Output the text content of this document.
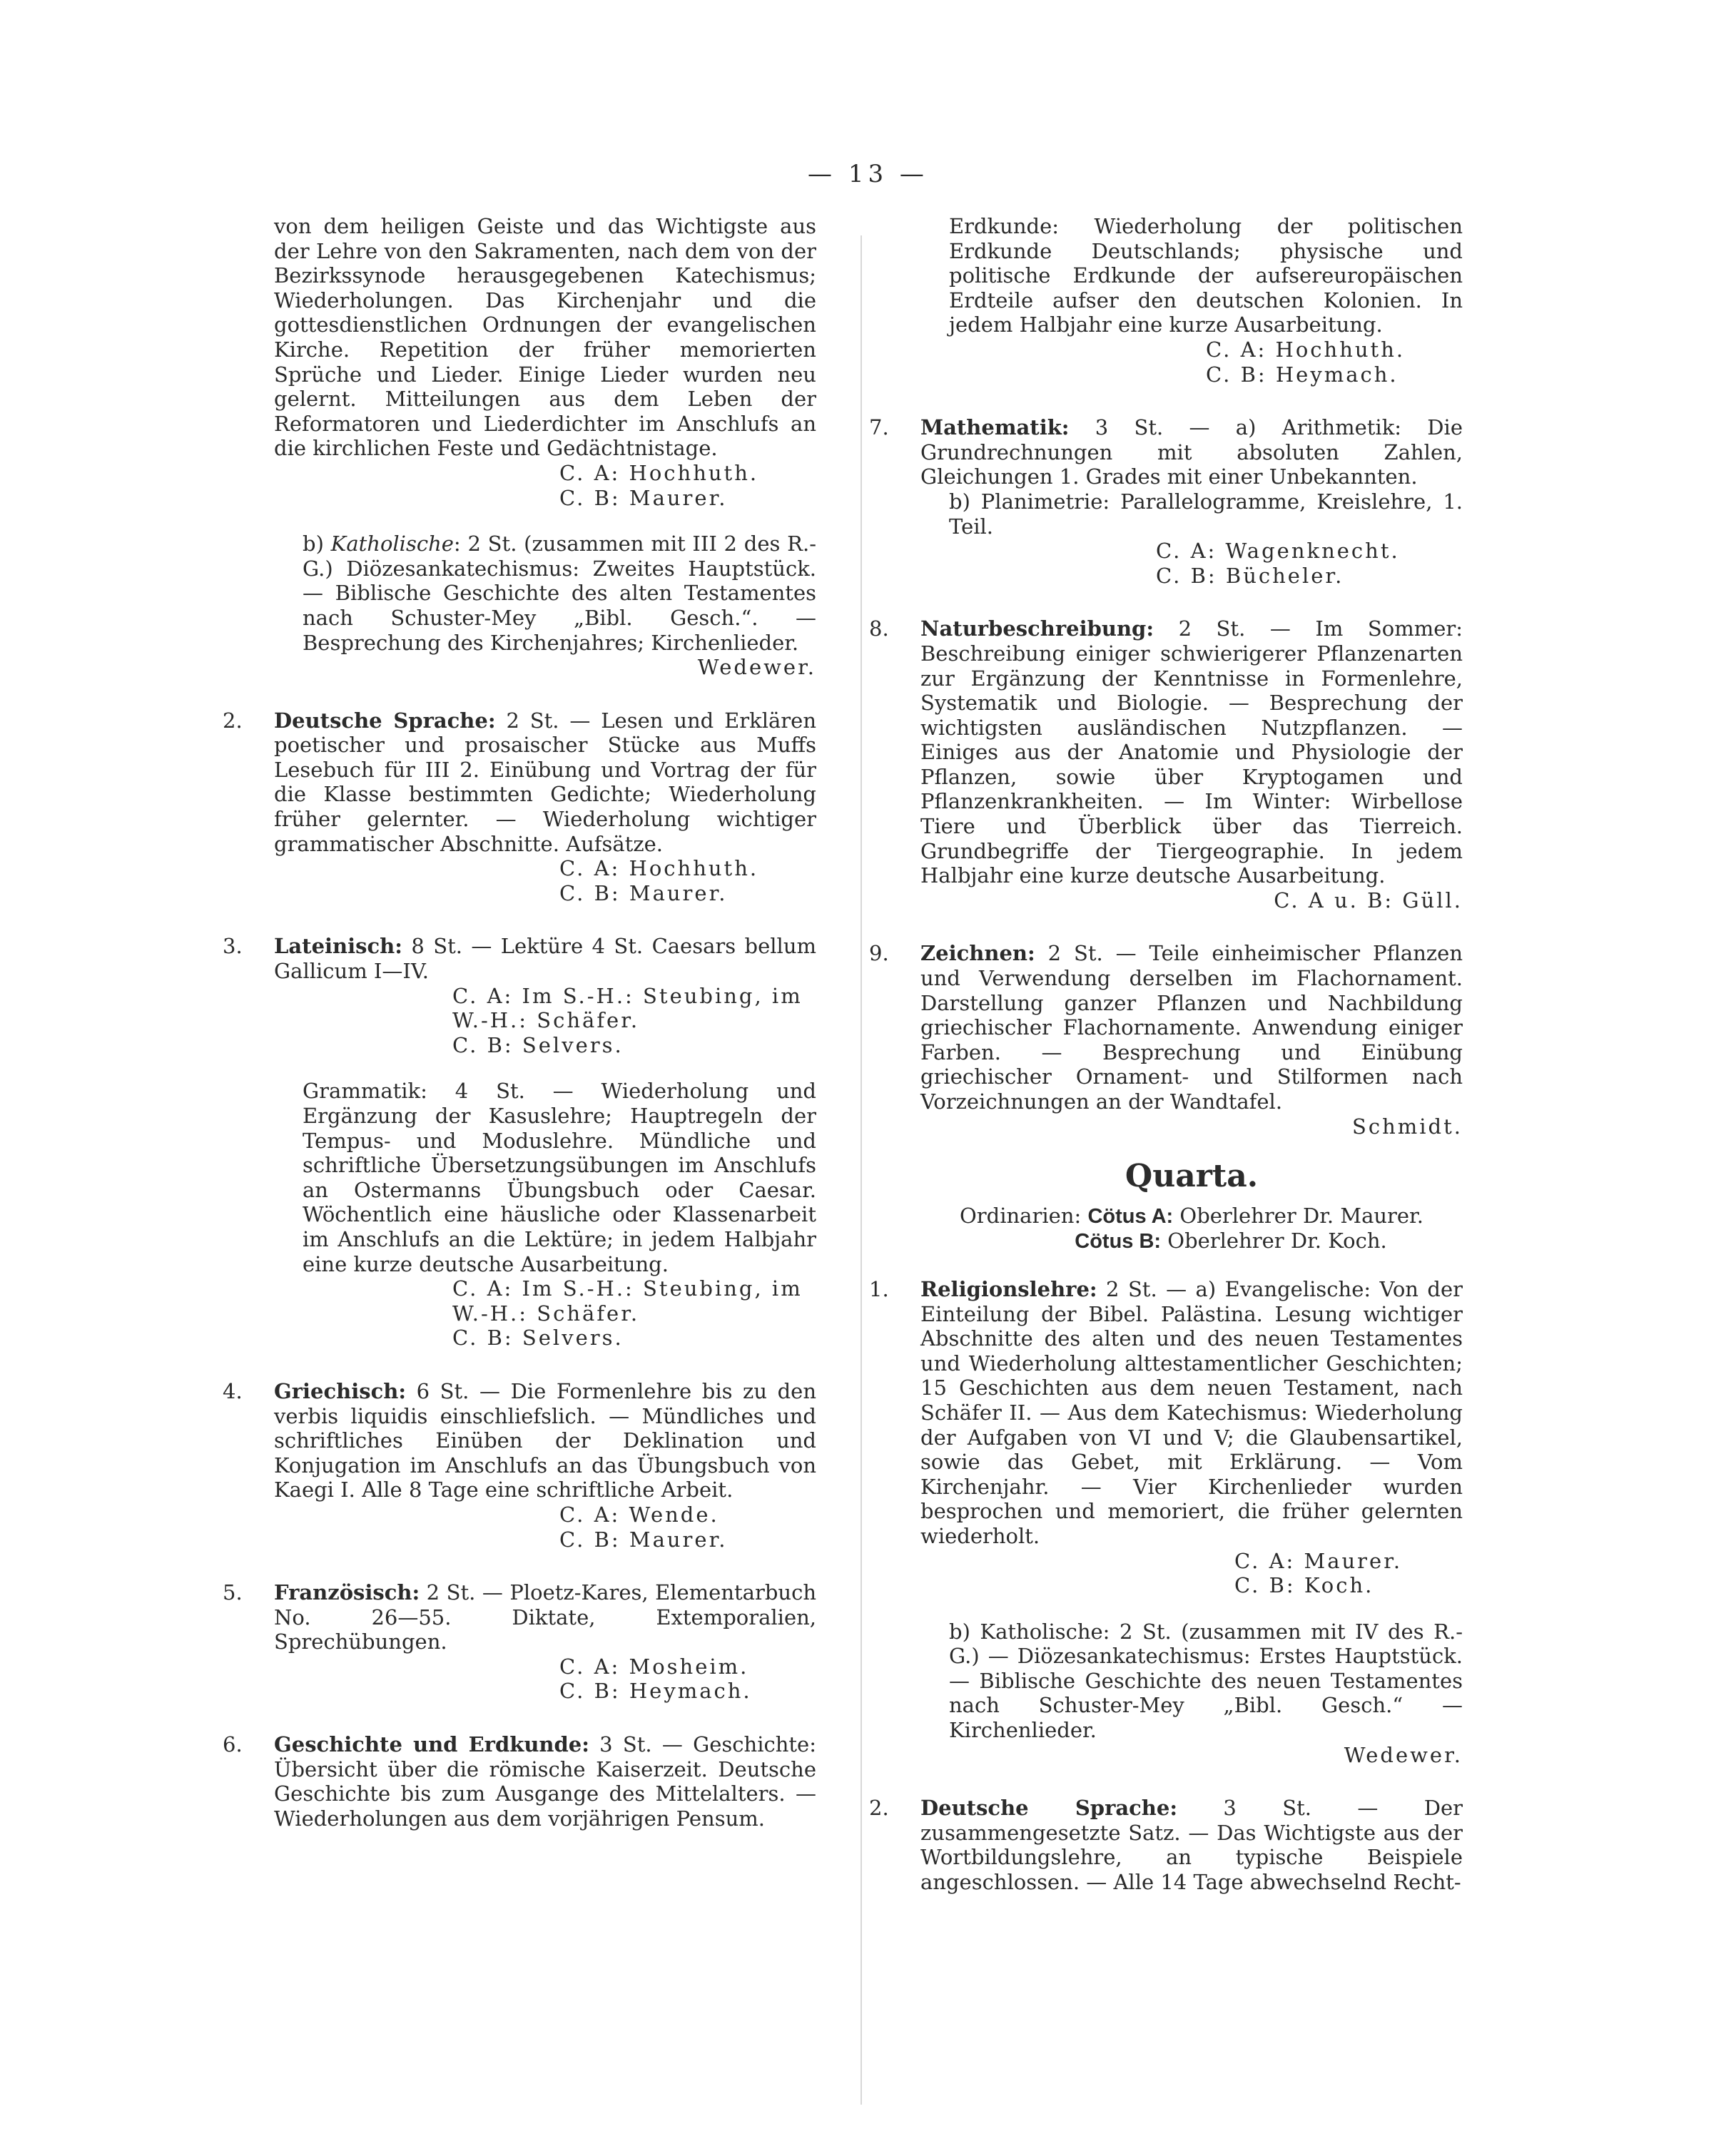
— 13 —

von dem heiligen Geiste und das Wichtigste aus der Lehre von den Sakramenten, nach dem von der Bezirkssynode herausgegebenen Katechismus; Wiederholungen. Das Kirchenjahr und die gottesdienstlichen Ordnungen der evangelischen Kirche. Repetition der früher memorierten Sprüche und Lieder. Einige Lieder wurden neu gelernt. Mitteilungen aus dem Leben der Reformatoren und Liederdichter im Anschlufs an die kirchlichen Feste und Gedächtnistage.

C. A: Hochhuth.
C. B: Maurer.

b) Katholische: 2 St. (zusammen mit III 2 des R.-G.) Diözesankatechismus: Zweites Hauptstück. — Biblische Geschichte des alten Testamentes nach Schuster-Mey „Bibl. Gesch.“. — Besprechung des Kirchenjahres; Kirchenlieder.

Wedewer.
2. Deutsche Sprache: 2 St. — Lesen und Erklären poetischer und prosaischer Stücke aus Muffs Lesebuch für III 2. Einübung und Vortrag der für die Klasse bestimmten Gedichte; Wiederholung früher gelernter. — Wiederholung wichtiger grammatischer Abschnitte. Aufsätze.

C. A: Hochhuth.
C. B: Maurer.
3. Lateinisch: 8 St. — Lektüre 4 St. Caesars bellum Gallicum I—IV.

C. A: Im S.-H.: Steubing, im W.-H.: Schäfer.
C. B: Selvers.

Grammatik: 4 St. — Wiederholung und Ergänzung der Kasuslehre; Hauptregeln der Tempus- und Moduslehre. Mündliche und schriftliche Übersetzungsübungen im Anschlufs an Ostermanns Übungsbuch oder Caesar. Wöchentlich eine häusliche oder Klassenarbeit im Anschlufs an die Lektüre; in jedem Halbjahr eine kurze deutsche Ausarbeitung.

C. A: Im S.-H.: Steubing, im W.-H.: Schäfer.
C. B: Selvers.
4. Griechisch: 6 St. — Die Formenlehre bis zu den verbis liquidis einschliefslich. — Mündliches und schriftliches Einüben der Deklination und Konjugation im Anschlufs an das Übungsbuch von Kaegi I. Alle 8 Tage eine schriftliche Arbeit.

C. A: Wende.
C. B: Maurer.
5. Französisch: 2 St. — Ploetz-Kares, Elementarbuch No. 26—55. Diktate, Extemporalien, Sprechübungen.

C. A: Mosheim.
C. B: Heymach.
6. Geschichte und Erdkunde: 3 St. — Geschichte: Übersicht über die römische Kaiserzeit. Deutsche Geschichte bis zum Ausgange des Mittelalters. — Wiederholungen aus dem vorjährigen Pensum.

Erdkunde: Wiederholung der politischen Erdkunde Deutschlands; physische und politische Erdkunde der aufsereuropäischen Erdteile aufser den deutschen Kolonien. In jedem Halbjahr eine kurze Ausarbeitung.

C. A: Hochhuth.
C. B: Heymach.
7. Mathematik: 3 St. — a) Arithmetik: Die Grundrechnungen mit absoluten Zahlen, Gleichungen 1. Grades mit einer Unbekannten.

b) Planimetrie: Parallelogramme, Kreislehre, 1. Teil.

C. A: Wagenknecht.
C. B: Bücheler.
8. Naturbeschreibung: 2 St. — Im Sommer: Beschreibung einiger schwierigerer Pflanzenarten zur Ergänzung der Kenntnisse in Formenlehre, Systematik und Biologie. — Besprechung der wichtigsten ausländischen Nutzpflanzen. — Einiges aus der Anatomie und Physiologie der Pflanzen, sowie über Kryptogamen und Pflanzenkrankheiten. — Im Winter: Wirbellose Tiere und Überblick über das Tierreich. Grundbegriffe der Tiergeographie. In jedem Halbjahr eine kurze deutsche Ausarbeitung.

C. A u. B: Güll.
9. Zeichnen: 2 St. — Teile einheimischer Pflanzen und Verwendung derselben im Flachornament. Darstellung ganzer Pflanzen und Nachbildung griechischer Flachornamente. Anwendung einiger Farben. — Besprechung und Einübung griechischer Ornament- und Stilformen nach Vorzeichnungen an der Wandtafel.

Schmidt.
Quarta.
Ordinarien: Cötus A: Oberlehrer Dr. Maurer.
Cötus B: Oberlehrer Dr. Koch.
1. Religionslehre: 2 St. — a) Evangelische: Von der Einteilung der Bibel. Palästina. Lesung wichtiger Abschnitte des alten und des neuen Testamentes und Wiederholung alttestamentlicher Geschichten; 15 Geschichten aus dem neuen Testament, nach Schäfer II. — Aus dem Katechismus: Wiederholung der Aufgaben von VI und V; die Glaubensartikel, sowie das Gebet, mit Erklärung. — Vom Kirchenjahr. — Vier Kirchenlieder wurden besprochen und memoriert, die früher gelernten wiederholt.

C. A: Maurer.
C. B: Koch.

b) Katholische: 2 St. (zusammen mit IV des R.-G.) — Diözesankatechismus: Erstes Hauptstück. — Biblische Geschichte des neuen Testamentes nach Schuster-Mey „Bibl. Gesch.“ — Kirchenlieder.

Wedewer.
2. Deutsche Sprache: 3 St. — Der zusammengesetzte Satz. — Das Wichtigste aus der Wortbildungslehre, an typische Beispiele angeschlossen. — Alle 14 Tage abwechselnd Recht-
